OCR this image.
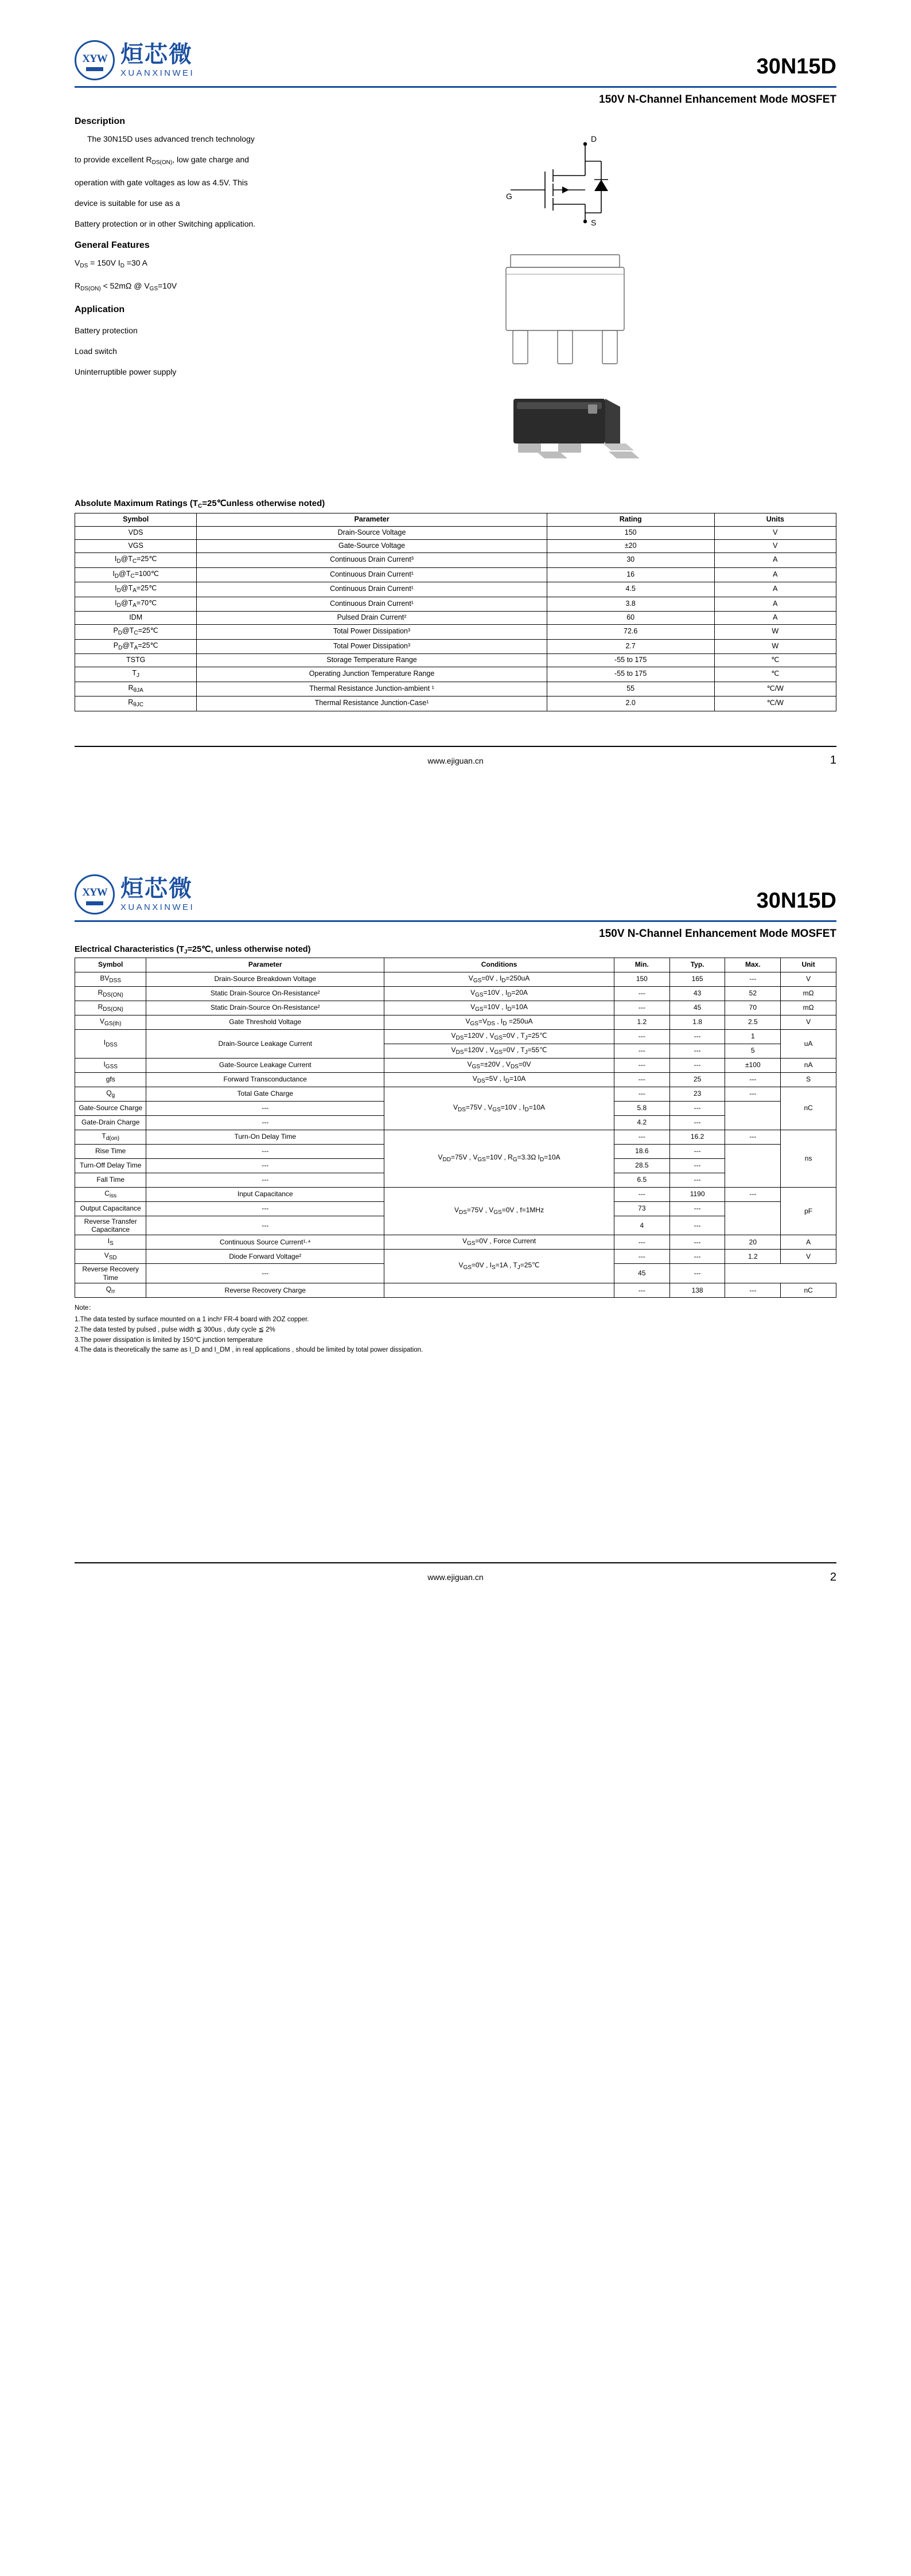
XYW 烜芯微
XUANXINWEI	30N15D
150V N-Channel Enhancement Mode MOSFET
Description
The 30N15D uses advanced trench technology
to provide excellent $R_{DS(ON)}$, low gate charge and
operation with gate voltages as low as 4.5V. This
device is suitable for use as a
Battery protection or in other Switching application.
General Features
$V_{DS} = 150V$ $I_D =30$ A
$R_{DS(ON)} < 52m\Omega$ @ $V_{GS}=10V$
Application
Battery protection
Load switch
Uninterruptible power supply
D
G
S
Absolute Maximum Ratings ($T_C=25℃unless$ otherwise noted)
Symbol	Parameter	Rating	Units
VDS	Drain-Source Voltage	150	V
VGS	Gate-Source Voltage	±20	V
$I_D@T_C=25℃$	Continuous Drain Current³	30	A
$I_D@T_C=100℃$	Continuous Drain Current¹	16	A
$I_D@T_A=25℃$	Continuous Drain Current¹	4.5	A
$I_D@T_A=70℃$	Continuous Drain Current¹	3.8	A
IDM	Pulsed Drain Current²	60	A
$P_D@T_C=25℃$	Total Power Dissipation³	72.6	W
$P_D@T_A=25℃$	Total Power Dissipation³	2.7	W
TSTG	Storage Temperature Range	-55 to 175	℃
$T_J$	Operating Junction Temperature Range	-55 to 175	℃
$R_{\theta JA}$	Thermal Resistance Junction-ambient ¹	55	℃/W
$R_{\theta JC}$	Thermal Resistance Junction-Case¹	2.0	℃/W
www.ejiguan.cn	1
XYW 烜芯微
XUANXINWEI	30N15D
150V N-Channel Enhancement Mode MOSFET
Electrical Characteristics ($T_J=25℃$, unless otherwise noted)
Symbol	Parameter	Conditions	Min.	Typ.	Max.	Unit
$BV_{DSS}$	Drain-Source Breakdown Voltage	$V_{GS}=0V$ , $I_D=250uA$	150	165	---	V
$R_{DS(ON)}$	Static Drain-Source On-Resistance²	$V_{GS}=10V$ , $I_D=20A$	---	43	52	mΩ
$R_{DS(ON)}$	Static Drain-Source On-Resistance²	$V_{GS}=10V$ , $I_D=10A$	---	45	70	mΩ
$V_{GS(th)}$	Gate Threshold Voltage	$V_{GS}=V_{DS}$ , $I_D =250uA$	1.2	1.8	2.5	V
$I_{DSS}$	Drain-Source Leakage Current	$V_{DS}=120V$ , $V_{GS}=0V$ , $T_J=25℃$	---	---	1	uA
		$V_{DS}=120V$ , $V_{GS}=0V$ , $T_J=55℃$	---	---	5	
$I_{GSS}$	Gate-Source Leakage Current	$V_{GS}=\pm 20V$ , $V_{DS}=0V$	---	---	±100	nA
gfs	Forward Transconductance	$V_{DS}=5V$ , $I_D=10A$	---	25	---	S
$Q_g$	Total Gate Charge	$V_{DS}=75V$ , $V_{GS}=10V$ , $I_D=10A$	---	23	---	nC
Gate-Source Charge	---		5.8	---		
Gate-Drain Charge	---		4.2	---		
$T_{d(on)}$	Turn-On Delay Time	$V_{DD}=75V$ , $V_{GS}=10V$ , $R_G=3.3\Omega$ $I_D=10A$	---	16.2	---	ns
Rise Time	---		18.6	---		
Turn-Off Delay Time	---		28.5	---		
Fall Time	---		6.5	---		
$C_{iss}$	Input Capacitance	$V_{DS}=75V$ , $V_{GS}=0V$ , f=1MHz	---	1190	---	pF
Output Capacitance	---		73	---		
Reverse Transfer Capacitance	---		4	---		
$I_S$	Continuous Source Current¹·⁴	$V_{GS}=0V$ , Force Current	---	---	20	A
$V_{SD}$	Diode Forward Voltage²	$V_{GS}=0V$ , $I_S=1A$ , $T_J=25℃$	---	---	1.2	V
Reverse Recovery Time	---		45	---		
$Q_{rr}$	Reverse Recovery Charge		---	138	---	nC
Note：
1.The data tested by surface mounted on a 1 inch² FR-4 board with 2OZ copper.
2.The data tested by pulsed , pulse width ≦ 300us , duty cycle ≦ 2%
3.The power dissipation is limited by 150℃ junction temperature
4.The data is theoretically the same as I_D and I_DM , in real applications , should be limited by total power dissipation.
www.ejiguan.cn	2
